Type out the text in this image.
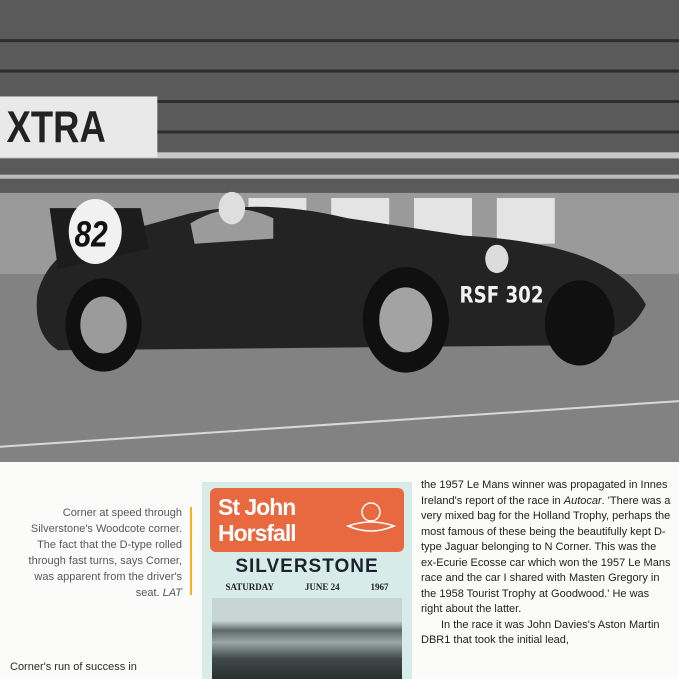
XTRA
82
RSF 302
Corner at speed through Silverstone's Woodcote corner. The fact that the D-type rolled through fast turns, says Corner, was apparent from the driver's seat. LAT
Corner's run of success in
St John
Horsfall
SILVERSTONE
SATURDAY	JUNE 24	1967

the 1957 Le Mans winner was propagated in Innes Ireland's report of the race in Autocar. 'There was a very mixed bag for the Holland Trophy, perhaps the most famous of these being the beautifully kept D-type Jaguar belonging to N Corner. This was the ex-Ecurie Ecosse car which won the 1957 Le Mans race and the car I shared with Masten Gregory in the 1958 Tourist Trophy at Goodwood.' He was right about the latter.

In the race it was John Davies's Aston Martin DBR1 that took the initial lead,
